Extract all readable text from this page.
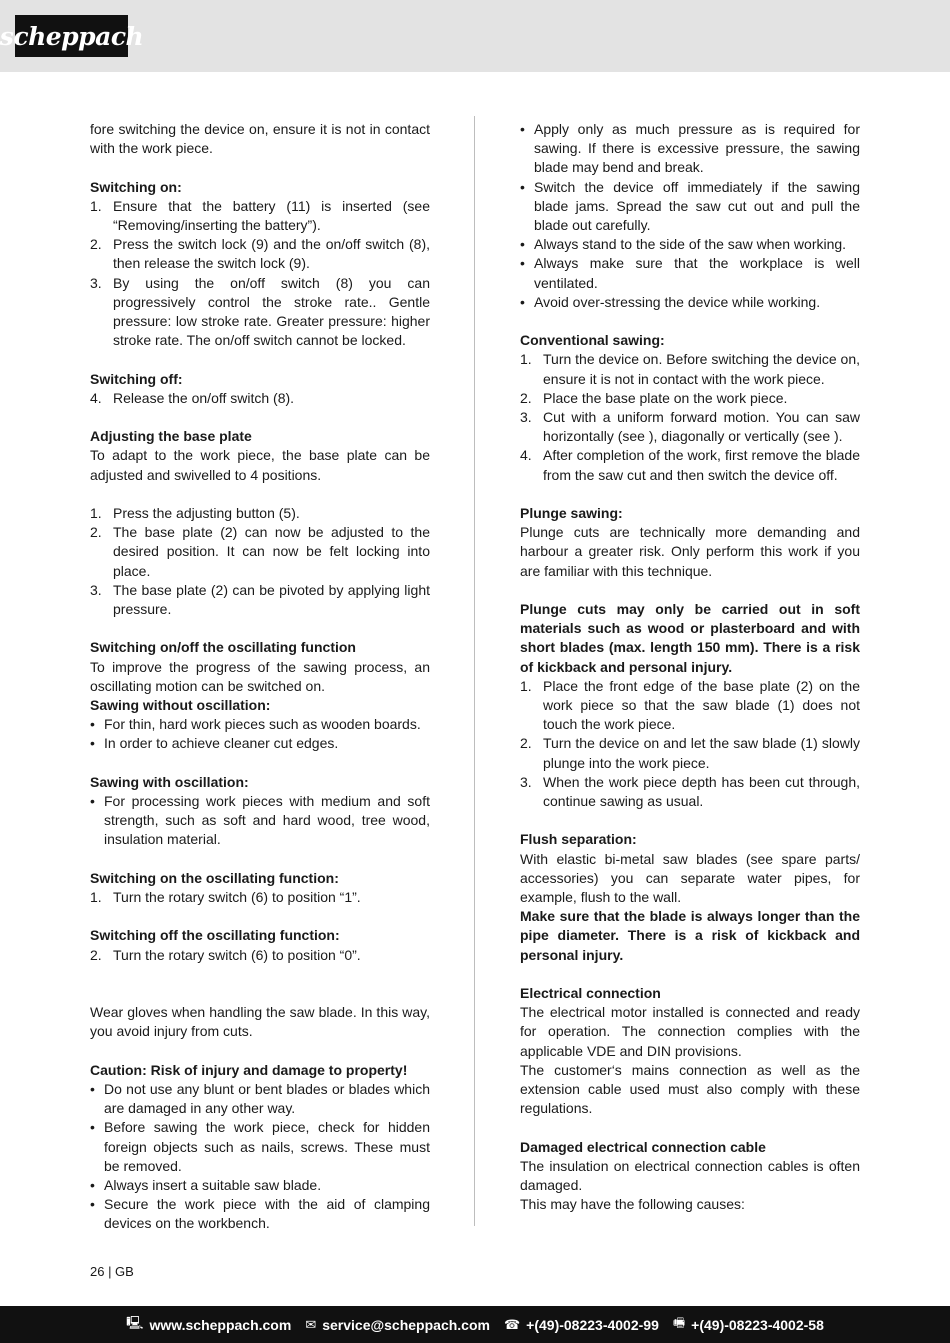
scheppach

fore switching the device on, ensure it is not in contact with the work piece.

Switching on:

1. Ensure that the battery (11) is inserted (see “Removing/inserting the battery”).
2. Press the switch lock (9) and the on/off switch (8), then release the switch lock (9).
3. By using the on/off switch (8) you can progressively control the stroke rate.. Gentle pressure: low stroke rate. Greater pressure: higher stroke rate. The on/off switch cannot be locked.

Switching off:

4. Release the on/off switch (8).

Adjusting the base plate

To adapt to the work piece, the base plate can be adjusted and swivelled to 4 positions.

1. Press the adjusting button (5).
2. The base plate (2) can now be adjusted to the desired position. It can now be felt locking into place.
3. The base plate (2) can be pivoted by applying light pressure.

Switching on/off the oscillating function

To improve the progress of the sawing process, an oscillating motion can be switched on.

Sawing without oscillation:

• For thin, hard work pieces such as wooden boards.
• In order to achieve cleaner cut edges.

Sawing with oscillation:

• For processing work pieces with medium and soft strength, such as soft and hard wood, tree wood, insulation material.

Switching on the oscillating function:

1. Turn the rotary switch (6) to position “1”.

Switching off the oscillating function:

2. Turn the rotary switch (6) to position “0”.

Wear gloves when handling the saw blade. In this way, you avoid injury from cuts.

Caution: Risk of injury and damage to property!

• Do not use any blunt or bent blades or blades which are damaged in any other way.
• Before sawing the work piece, check for hidden foreign objects such as nails, screws. These must be removed.
• Always insert a suitable saw blade.
• Secure the work piece with the aid of clamping devices on the workbench.
• Apply only as much pressure as is required for sawing. If there is excessive pressure, the sawing blade may bend and break.
• Switch the device off immediately if the sawing blade jams. Spread the saw cut out and pull the blade out carefully.
• Always stand to the side of the saw when working.
• Always make sure that the workplace is well ventilated.
• Avoid over-stressing the device while working.

Conventional sawing:

1. Turn the device on. Before switching the device on, ensure it is not in contact with the work piece.
2. Place the base plate on the work piece.
3. Cut with a uniform forward motion. You can saw horizontally (see ), diagonally or vertically (see ).
4. After completion of the work, first remove the blade from the saw cut and then switch the device off.

Plunge sawing:

Plunge cuts are technically more demanding and harbour a greater risk. Only perform this work if you are familiar with this technique.

Plunge cuts may only be carried out in soft materials such as wood or plasterboard and with short blades (max. length 150 mm). There is a risk of kickback and personal injury.

1. Place the front edge of the base plate (2) on the work piece so that the saw blade (1) does not touch the work piece.
2. Turn the device on and let the saw blade (1) slowly plunge into the work piece.
3. When the work piece depth has been cut through, continue sawing as usual.

Flush separation:

With elastic bi-metal saw blades (see spare parts/ accessories) you can separate water pipes, for example, flush to the wall.

Make sure that the blade is always longer than the pipe diameter. There is a risk of kickback and personal injury.

Electrical connection

The electrical motor installed is connected and ready for operation. The connection complies with the applicable VDE and DIN provisions.

The customer‘s mains connection as well as the extension cable used must also comply with these regulations.

Damaged electrical connection cable

The insulation on electrical connection cables is often damaged.

This may have the following causes:

26 | GB
🖳 www.scheppach.com ✉ service@scheppach.com ☎ +(49)-08223-4002-99 🖷 +(49)-08223-4002-58
